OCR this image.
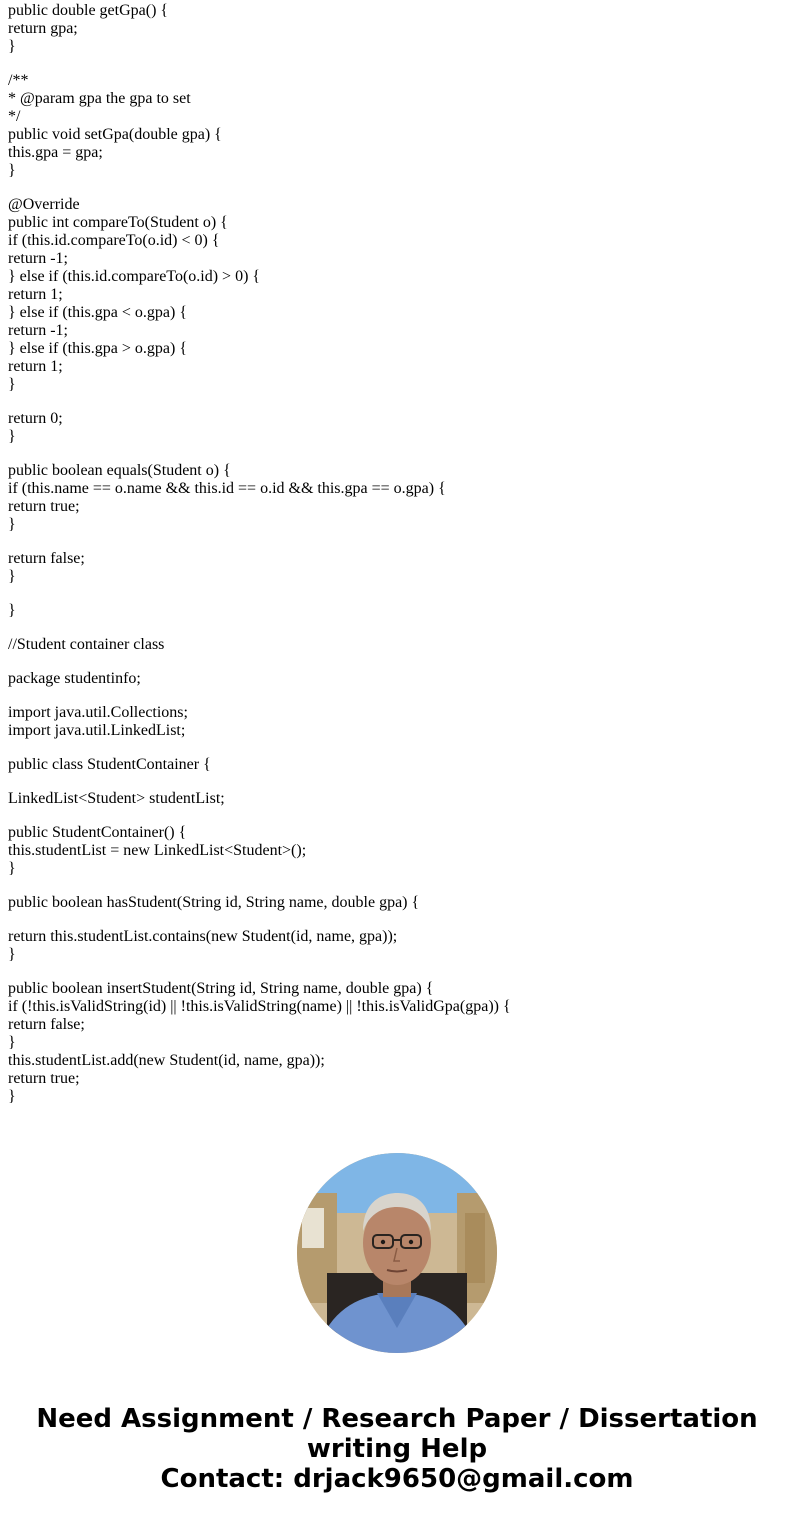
public double getGpa() {
return gpa;
}
/**
* @param gpa the gpa to set
*/
public void setGpa(double gpa) {
this.gpa = gpa;
}
@Override
public int compareTo(Student o) {
if (this.id.compareTo(o.id) < 0) {
return -1;
} else if (this.id.compareTo(o.id) > 0) {
return 1;
} else if (this.gpa < o.gpa) {
return -1;
} else if (this.gpa > o.gpa) {
return 1;
}
return 0;
}
public boolean equals(Student o) {
if (this.name == o.name && this.id == o.id && this.gpa == o.gpa) {
return true;
}
return false;
}
}
//Student container class
package studentinfo;
import java.util.Collections;
import java.util.LinkedList;
public class StudentContainer {
LinkedList<Student> studentList;
public StudentContainer() {
this.studentList = new LinkedList<Student>();
}
public boolean hasStudent(String id, String name, double gpa) {
return this.studentList.contains(new Student(id, name, gpa));
}
public boolean insertStudent(String id, String name, double gpa) {
if (!this.isValidString(id) || !this.isValidString(name) || !this.isValidGpa(gpa)) {
return false;
}
this.studentList.add(new Student(id, name, gpa));
return true;
}
Need Assignment / Research Paper / Dissertation
writing Help
Contact: drjack9650@gmail.com
